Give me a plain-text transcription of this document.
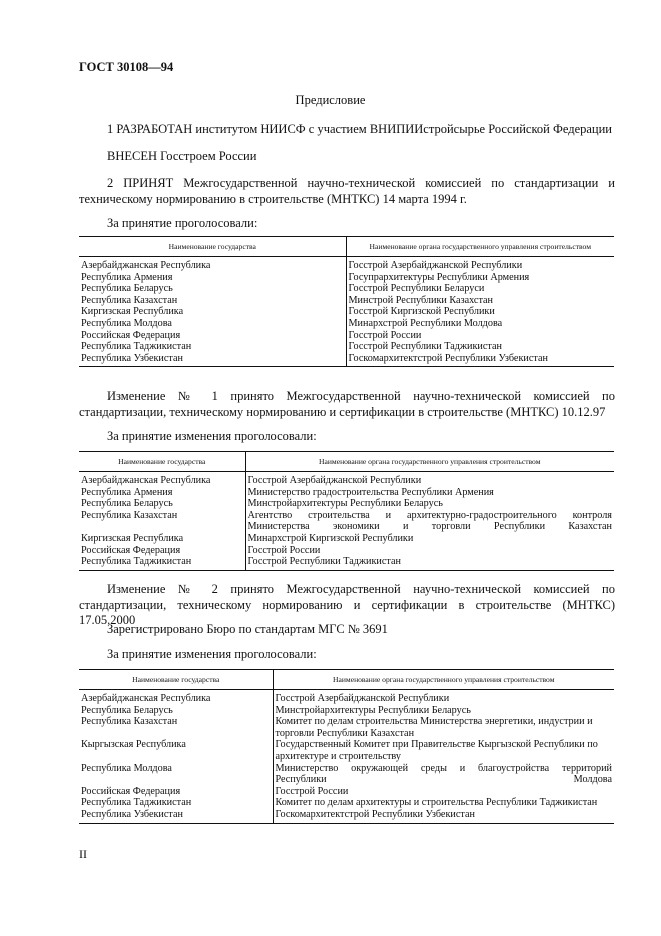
ГОСТ 30108—94
Предисловие

1 РАЗРАБОТАН институтом НИИСФ с участием ВНИПИИстройсырье Российской Федерации

ВНЕСЕН Госстроем России

2 ПРИНЯТ Межгосударственной научно-технической комиссией по стандартизации и техническому нормированию в строительстве (МНТКС) 14 марта 1994 г.

За принятие проголосовали:

Наименование государства	Наименование органа государственного управления строительством
Азербайджанская Республика	Госстрой Азербайджанской Республики
Республика Армения	Госупрархитектуры Республики Армения
Республика Беларусь	Госстрой Республики Беларуси
Республика Казахстан	Минстрой Республики Казахстан
Киргизская Республика	Госстрой Киргизской Республики
Республика Молдова	Минархстрой Республики Молдова
Российская Федерация	Госстрой России
Республика Таджикистан	Госстрой Республики Таджикистан
Республика Узбекистан	Госкомархитектстрой Республики Узбекистан

Изменение № 1 принято Межгосударственной научно-технической комиссией по стандартизации, техническому нормированию и сертификации в строительстве (МНТКС) 10.12.97

За принятие изменения проголосовали:

Наименование государства	Наименование органа государственного управления строительством
Азербайджанская Республика	Госстрой Азербайджанской Республики
Республика Армения	Министерство градостроительства Республики Армения
Республика Беларусь	Минстройархитектуры Республики Беларусь
Республика Казахстан	Агентство строительства и архитектурно-градостроительного контроля Министерства экономики и торговли Республики Казахстан
Киргизская Республика	Минархстрой Киргизской Республики
Российская Федерация	Госстрой России
Республика Таджикистан	Госстрой Республики Таджикистан

Изменение № 2 принято Межгосударственной научно-технической комиссией по стандартизации, техническому нормированию и сертификации в строительстве (МНТКС) 17.05.2000

Зарегистрировано Бюро по стандартам МГС № 3691

За принятие изменения проголосовали:

Наименование государства	Наименование органа государственного управления строительством
Азербайджанская Республика	Госстрой Азербайджанской Республики
Республика Беларусь	Минстройархитектуры Республики Беларусь
Республика Казахстан	Комитет по делам строительства Министерства энергетики, индустрии и торговли Республики Казахстан
Кыргызская Республика	Государственный Комитет при Правительстве Кыргызской Республики по архитектуре и строительству
Республика Молдова	Министерство окружающей среды и благоустройства территорий Республики Молдова
Российская Федерация	Госстрой России
Республика Таджикистан	Комитет по делам архитектуры и строительства Республики Таджикистан
Республика Узбекистан	Госкомархитектстрой Республики Узбекистан
II
